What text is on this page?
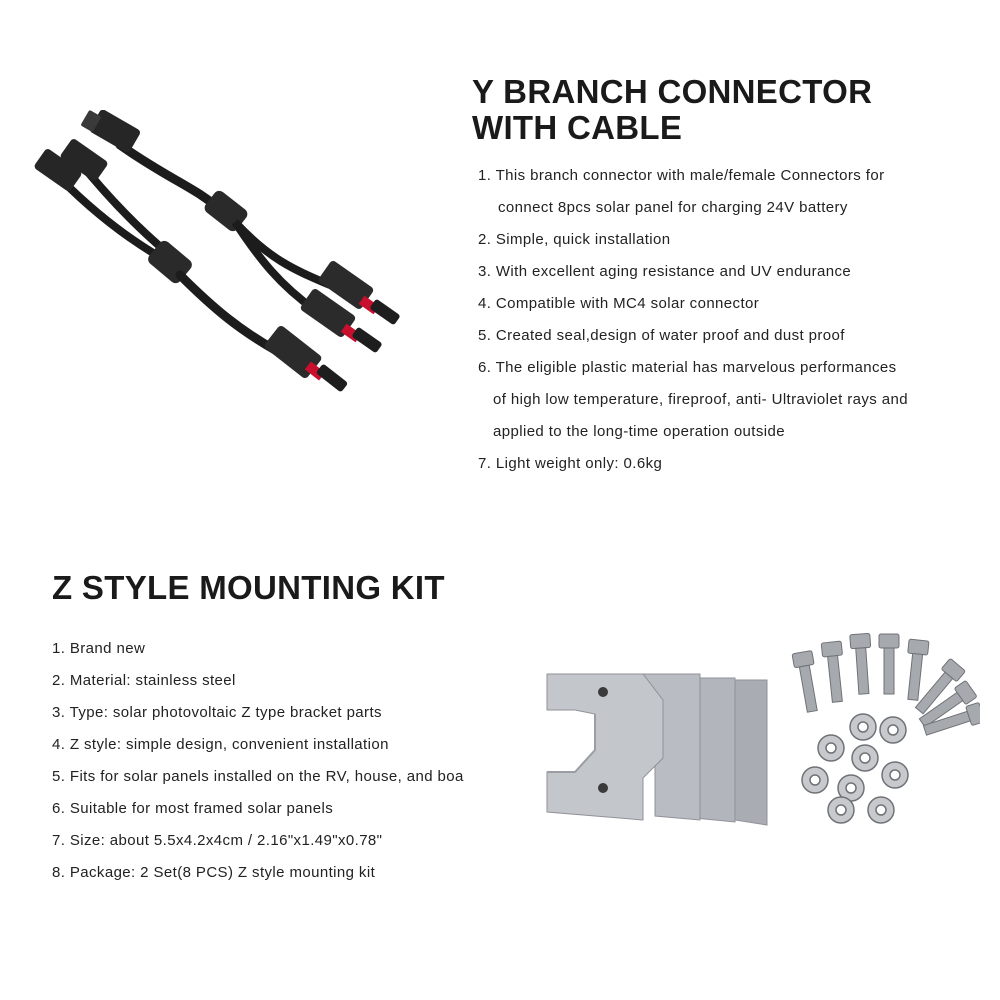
Y BRANCH CONNECTOR
WITH CABLE
1. This branch connector with male/female Connectors for
connect 8pcs solar panel for charging 24V battery
2. Simple, quick installation
3. With excellent aging resistance and UV endurance
4. Compatible with MC4 solar connector
5. Created seal,design of water proof and dust proof
6. The eligible plastic material has marvelous performances
of high low temperature, fireproof, anti- Ultraviolet rays and
applied to the long-time operation outside
7. Light weight only: 0.6kg
Z STYLE MOUNTING KIT
1. Brand new
2. Material: stainless steel
3. Type: solar photovoltaic Z type bracket parts
4. Z style: simple design, convenient installation
5. Fits for solar panels installed on the RV, house, and boa
6. Suitable for most framed solar panels
7. Size: about 5.5x4.2x4cm / 2.16"x1.49"x0.78"
8. Package: 2 Set(8 PCS) Z style mounting kit
